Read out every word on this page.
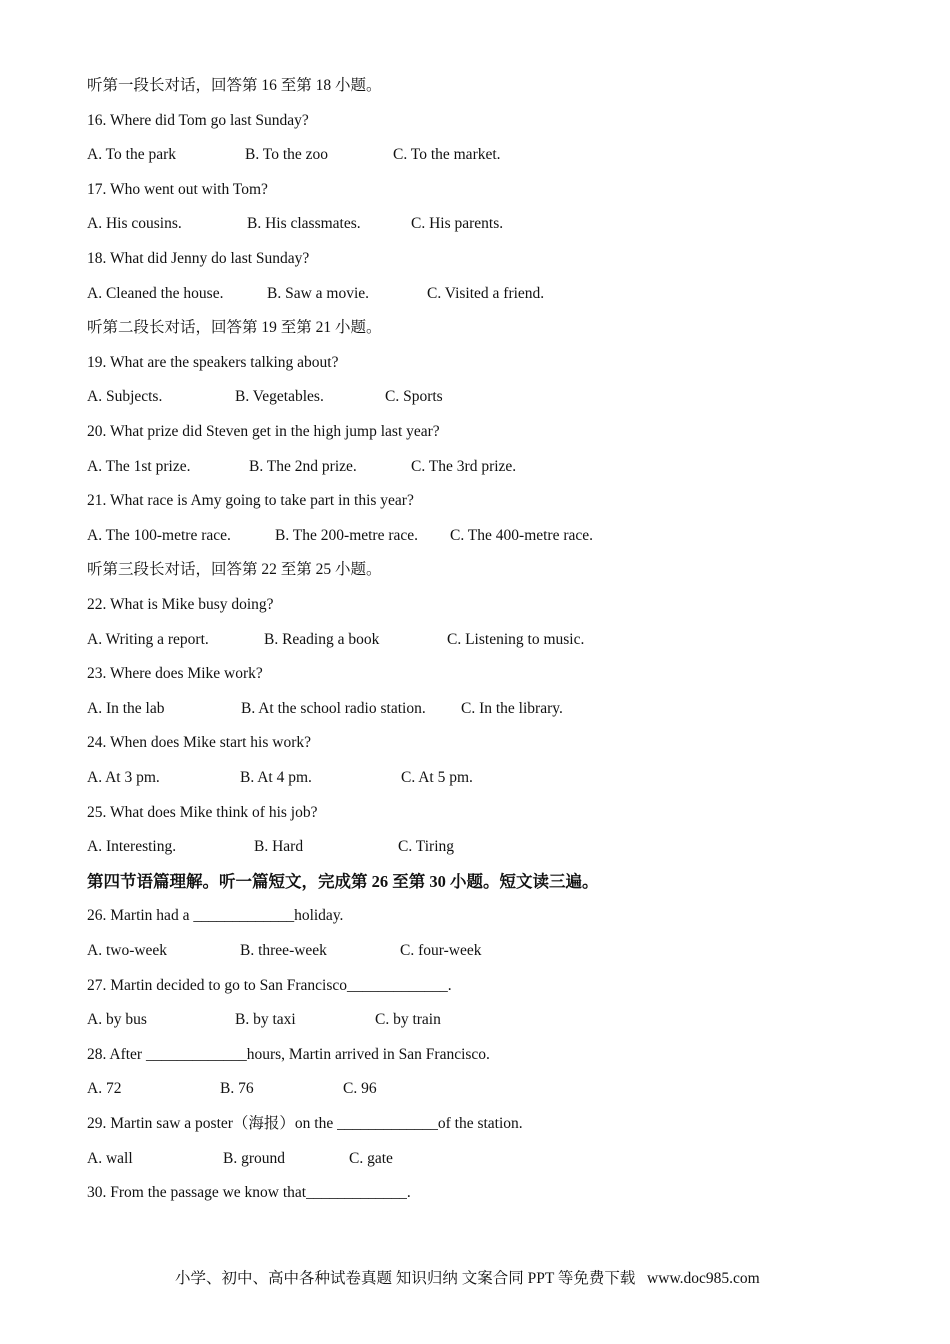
听第一段长对话，回答第 16 至第 18 小题。
16. Where did Tom go last Sunday?
A. To the park	B. To the zoo	C. To the market.
17. Who went out with Tom?
A. His cousins.	B. His classmates.	C. His parents.
18. What did Jenny do last Sunday?
A. Cleaned the house.	B. Saw a movie.	C. Visited a friend.
听第二段长对话，回答第 19 至第 21 小题。
19. What are the speakers talking about?
A. Subjects.	B. Vegetables.	C. Sports
20. What prize did Steven get in the high jump last year?
A. The 1st prize.	B. The 2nd prize.	C. The 3rd prize.
21. What race is Amy going to take part in this year?
A. The 100-metre race.	B. The 200-metre race. C. The 400-metre race.
听第三段长对话，回答第 22 至第 25 小题。
22. What is Mike busy doing?
A. Writing a report.	B. Reading a book	C. Listening to music.
23. Where does Mike work?
A. In the lab	B. At the school radio station. C. In the library.
24. When does Mike start his work?
A. At 3 pm.	B. At 4 pm.	C. At 5 pm.
25. What does Mike think of his job?
A. Interesting.	B. Hard	C. Tiring
第四节语篇理解。听一篇短文，完成第 26 至第 30 小题。短文读三遍。
26. Martin had a _____________holiday.
A. two-week	B. three-week	C. four-week
27. Martin decided to go to San Francisco_____________.
A. by bus	B. by taxi	C. by train
28. After _____________hours, Martin arrived in San Francisco.
A. 72	B. 76	C. 96
29. Martin saw a poster（海报）on the _____________of the station.
A. wall	B. ground	C. gate
30. From the passage we know that_____________.
小学、初中、高中各种试卷真题 知识归纳 文案合同 PPT 等免费下载   www.doc985.com
